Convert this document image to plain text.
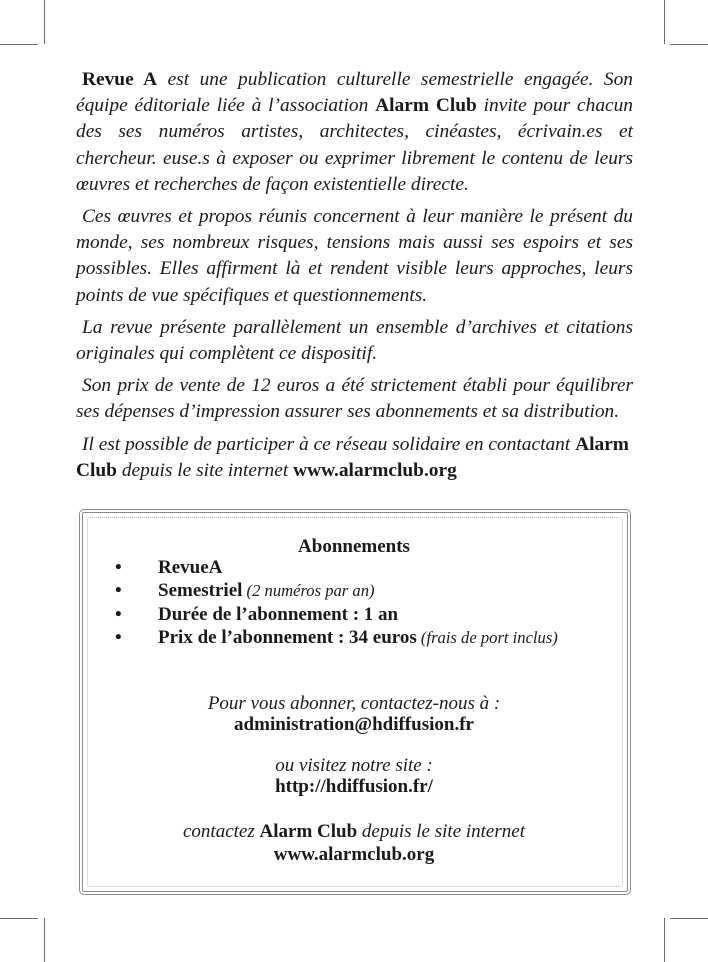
Revue A est une publication culturelle semestrielle engagée. Son équipe éditoriale liée à l’association Alarm Club invite pour chacun des ses numéros artistes, architectes, cinéastes, écrivain.es et chercheur. euse.s à exposer ou exprimer librement le contenu de leurs œuvres et recherches de façon existentielle directe.

Ces œuvres et propos réunis concernent à leur manière le présent du monde, ses nombreux risques, tensions mais aussi ses espoirs et ses possibles. Elles affirment là et rendent visible leurs approches, leurs points de vue spécifiques et questionnements.

La revue présente parallèlement un ensemble d’archives et citations originales qui complètent ce dispositif.

Son prix de vente de 12 euros a été strictement établi pour équilibrer ses dépenses d’impression assurer ses abonnements et sa distribution.

Il est possible de participer à ce réseau solidaire en contactant Alarm
Club depuis le site internet www.alarmclub.org

Abonnements
• RevueA
• Semestriel (2 numéros par an)
• Durée de l’abonnement : 1 an
• Prix de l’abonnement : 34 euros (frais de port inclus)
Pour vous abonner, contactez-nous à :
administration@hdiffusion.fr
ou visitez notre site :
http://hdiffusion.fr/
contactez Alarm Club depuis le site internet
www.alarmclub.org
